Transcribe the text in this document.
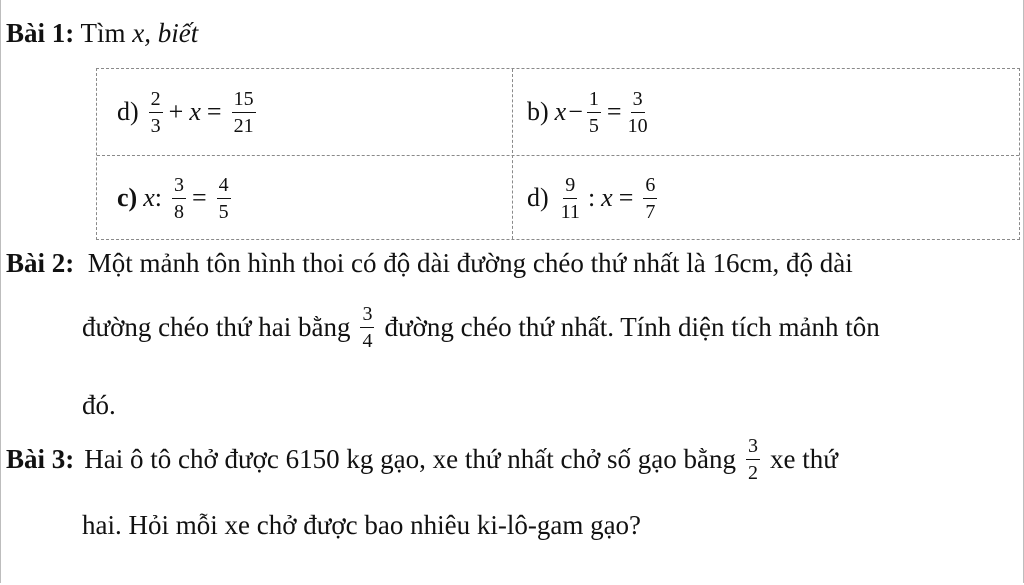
Bài 1: Tìm x, biết
$d) \frac{2}{3} + x = \frac{15}{21}$	b) $x - \frac{1}{5} = \frac{3}{10}$
c) x : $\frac{3}{8} = \frac{4}{5}$	$d) \frac{9}{11}$ : $x = \frac{6}{7}$
Bài 2: Một mảnh tôn hình thoi có độ dài đường chéo thứ nhất là 16cm, độ dài
đường chéo thứ hai bằng $\frac{3}{4}$ đường chéo thứ nhất. Tính diện tích mảnh tôn
đó.
Bài 3 : Hai ô tô chở được 6150 kg gạo, xe thứ nhất chở số gạo bằng $\frac{3}{2}$ xe thứ
hai. Hỏi mỗi xe chở được bao nhiêu ki-lô-gam gạo?
